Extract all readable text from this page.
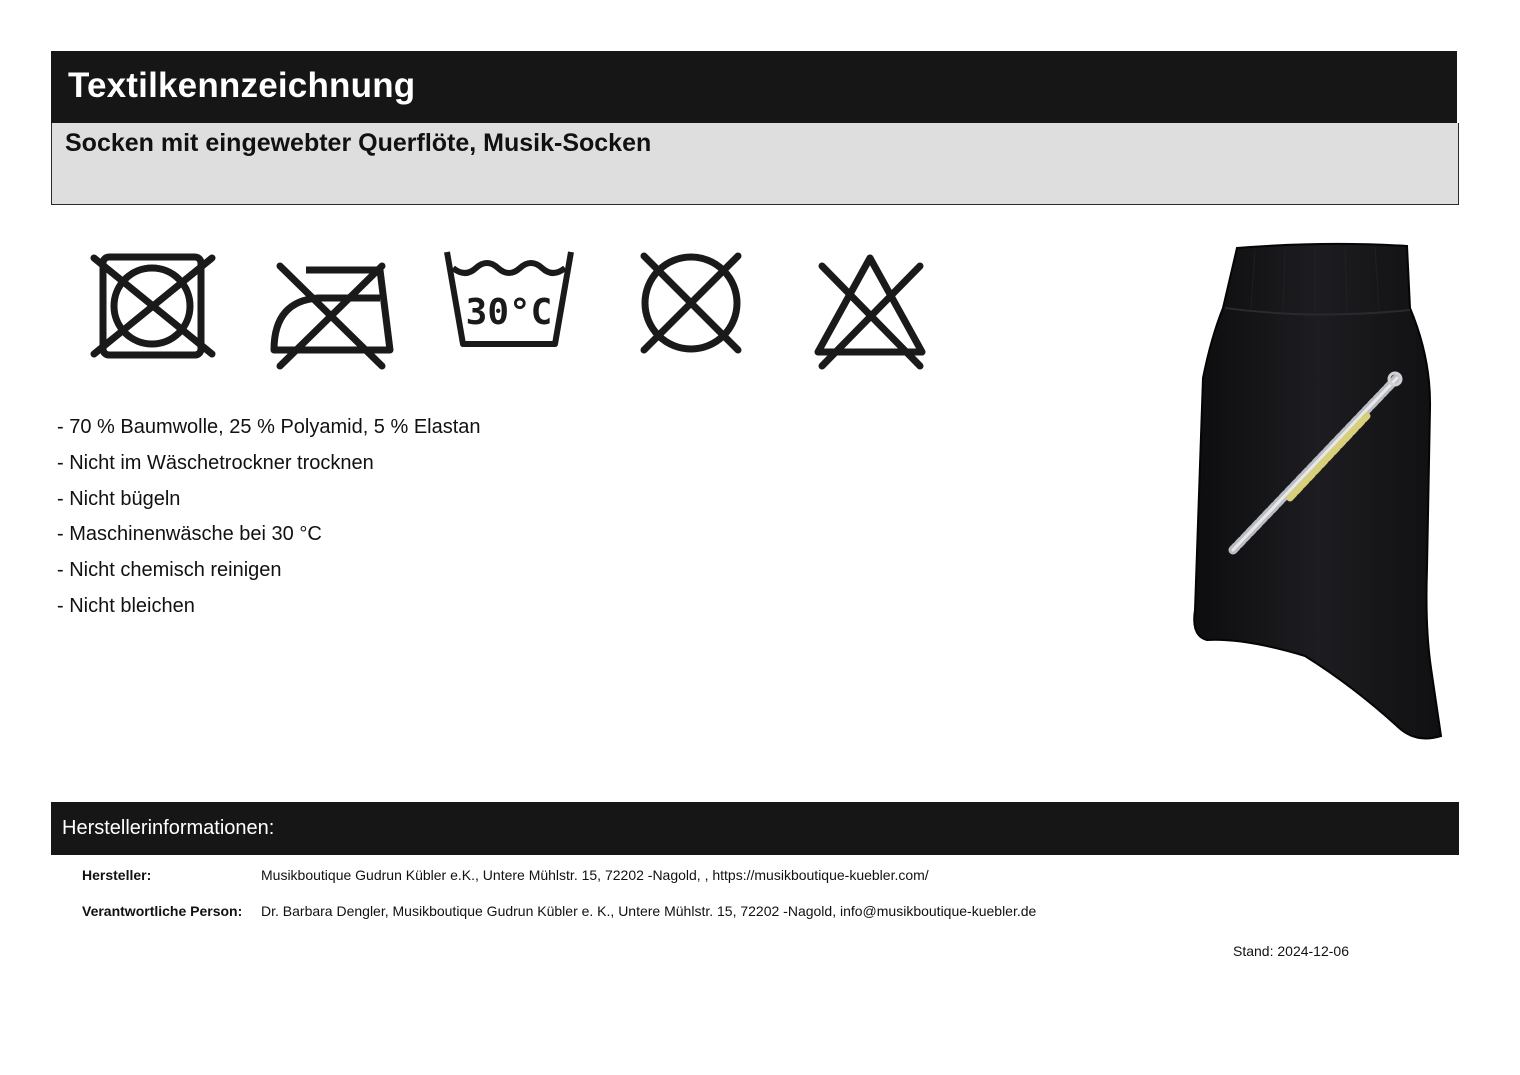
Textilkennzeichnung
Socken mit eingewebter Querflöte, Musik-Socken
30°C
- 70 % Baumwolle, 25 % Polyamid, 5 % Elastan
- Nicht im Wäschetrockner trocknen
- Nicht bügeln
- Maschinenwäsche bei 30 °C
- Nicht chemisch reinigen
- Nicht bleichen
Herstellerinformationen:
Hersteller:	Musikboutique Gudrun Kübler e.K., Untere Mühlstr. 15, 72202 -Nagold, , https://musikboutique-kuebler.com/
Verantwortliche Person: Dr. Barbara Dengler, Musikboutique Gudrun Kübler e. K., Untere Mühlstr. 15, 72202 -Nagold, info@musikboutique-kuebler.de
Stand: 2024-12-06
